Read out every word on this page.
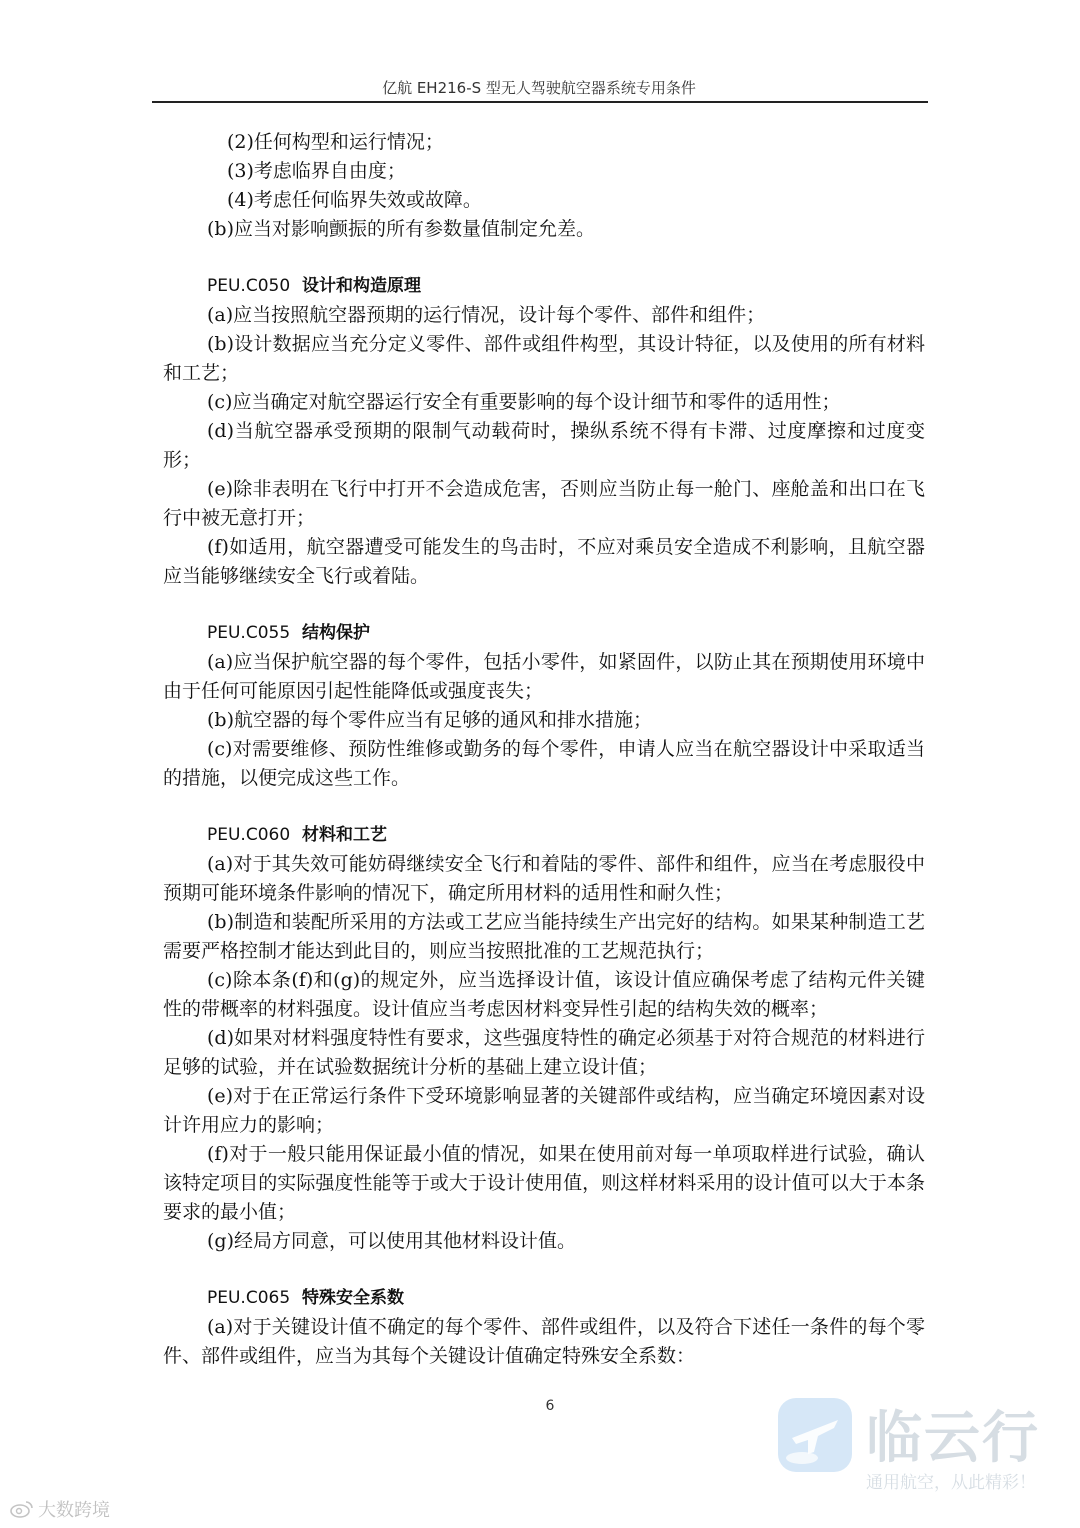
亿航 EH216-S 型无人驾驶航空器系统专用条件

(2)任何构型和运行情况；

(3)考虑临界自由度；

(4)考虑任何临界失效或故障。

(b)应当对影响颤振的所有参数量值制定允差。

PEU.C050 设计和构造原理

(a)应当按照航空器预期的运行情况，设计每个零件、部件和组件；

(b)设计数据应当充分定义零件、部件或组件构型，其设计特征，以及使用的所有材料和工艺；

(c)应当确定对航空器运行安全有重要影响的每个设计细节和零件的适用性；

(d)当航空器承受预期的限制气动载荷时，操纵系统不得有卡滞、过度摩擦和过度变形；

(e)除非表明在飞行中打开不会造成危害，否则应当防止每一舱门、座舱盖和出口在飞行中被无意打开；

(f)如适用，航空器遭受可能发生的鸟击时，不应对乘员安全造成不利影响，且航空器应当能够继续安全飞行或着陆。

PEU.C055 结构保护

(a)应当保护航空器的每个零件，包括小零件，如紧固件，以防止其在预期使用环境中由于任何可能原因引起性能降低或强度丧失；

(b)航空器的每个零件应当有足够的通风和排水措施；

(c)对需要维修、预防性维修或勤务的每个零件，申请人应当在航空器设计中采取适当的措施，以便完成这些工作。

PEU.C060 材料和工艺

(a)对于其失效可能妨碍继续安全飞行和着陆的零件、部件和组件，应当在考虑服役中预期可能环境条件影响的情况下，确定所用材料的适用性和耐久性；

(b)制造和装配所采用的方法或工艺应当能持续生产出完好的结构。如果某种制造工艺需要严格控制才能达到此目的，则应当按照批准的工艺规范执行；

(c)除本条(f)和(g)的规定外，应当选择设计值，该设计值应确保考虑了结构元件关键性的带概率的材料强度。设计值应当考虑因材料变异性引起的结构失效的概率；

(d)如果对材料强度特性有要求，这些强度特性的确定必须基于对符合规范的材料进行足够的试验，并在试验数据统计分析的基础上建立设计值；

(e)对于在正常运行条件下受环境影响显著的关键部件或结构，应当确定环境因素对设计许用应力的影响；

(f)对于一般只能用保证最小值的情况，如果在使用前对每一单项取样进行试验，确认该特定项目的实际强度性能等于或大于设计使用值，则这样材料采用的设计值可以大于本条要求的最小值；

(g)经局方同意，可以使用其他材料设计值。

PEU.C065 特殊安全系数

(a)对于关键设计值不确定的每个零件、部件或组件，以及符合下述任一条件的每个零件、部件或组件，应当为其每个关键设计值确定特殊安全系数：

6
大数跨境
临云行
通用航空，从此精彩！
